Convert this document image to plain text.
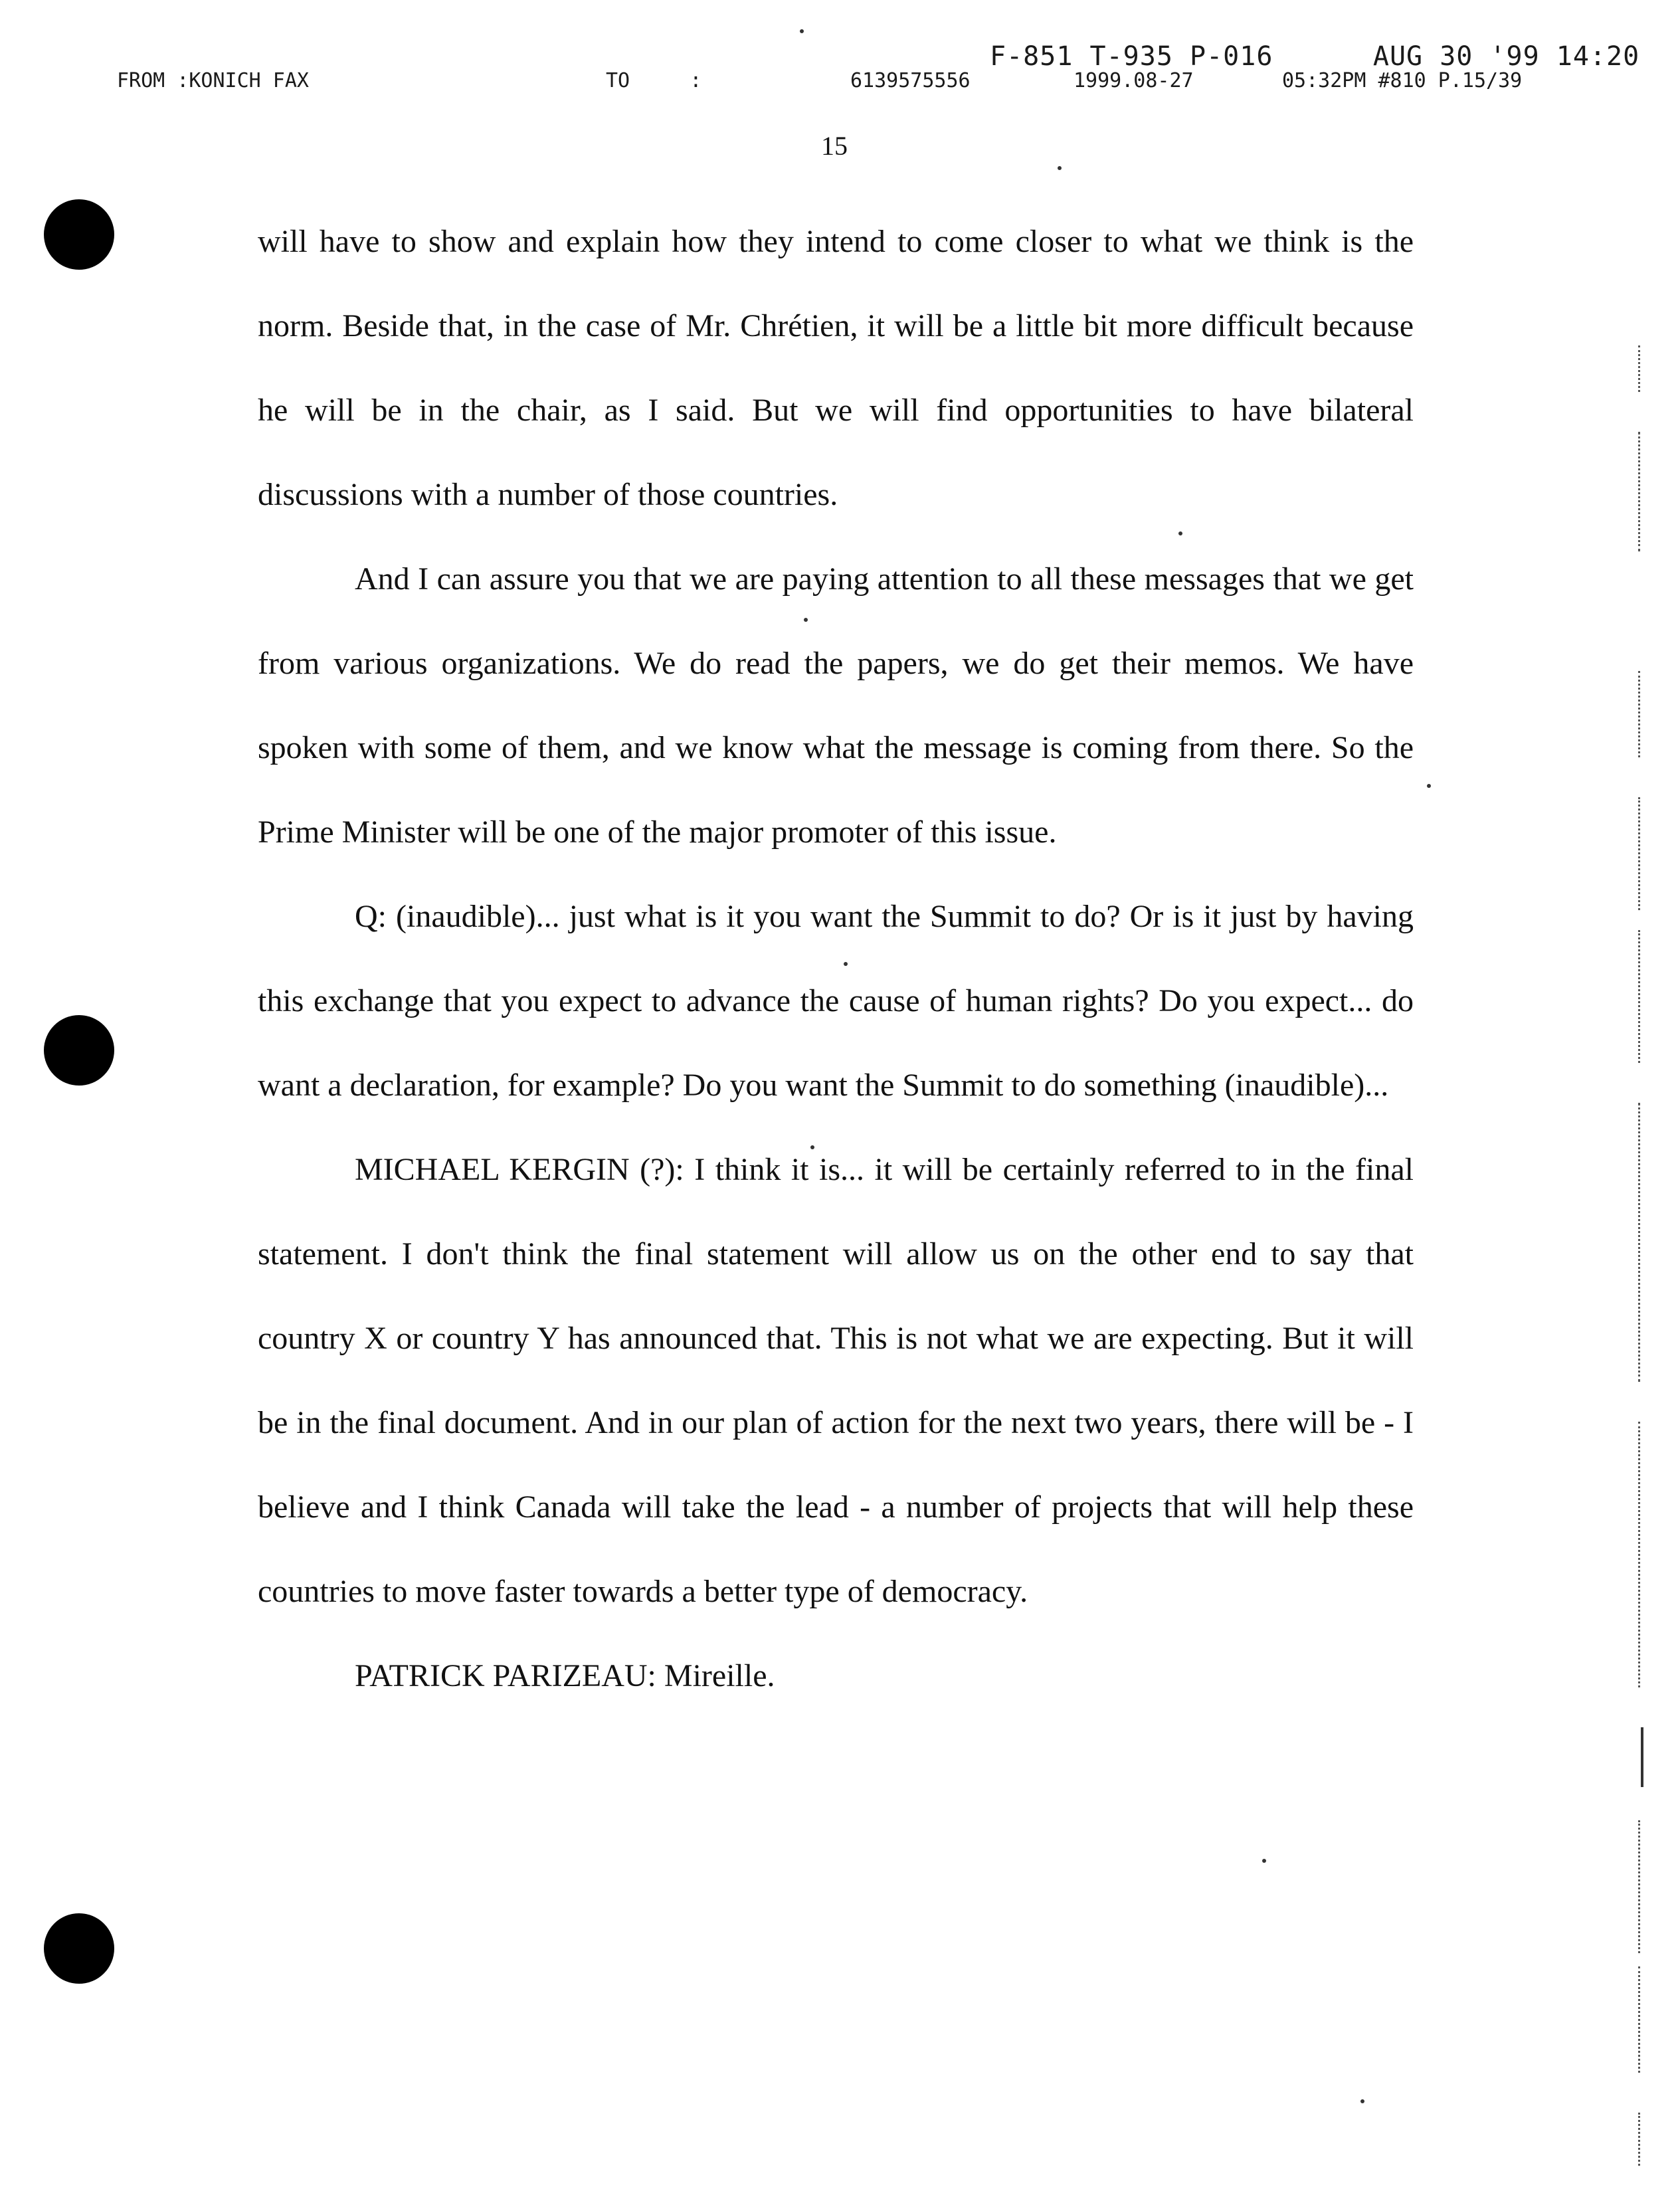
F-851 T-935 P-016      AUG 30 '99 14:20
FROM :KONICH FAX	TO     :	6139575556	1999.08-27	05:32PM #810 P.15/39
15

will have to show and explain how they intend to come closer to what we think is the norm. Beside that, in the case of Mr. Chrétien, it will be a little bit more difficult because he will be in the chair, as I said. But we will find opportunities to have bilateral discussions with a number of those countries.

And I can assure you that we are paying attention to all these messages that we get from various organizations. We do read the papers, we do get their memos. We have spoken with some of them, and we know what the message is coming from there. So the Prime Minister will be one of the major promoter of this issue.

Q: (inaudible)... just what is it you want the Summit to do? Or is it just by having this exchange that you expect to advance the cause of human rights? Do you expect... do want a declaration, for example? Do you want the Summit to do something (inaudible)...

MICHAEL KERGIN (?): I think it is... it will be certainly referred to in the final statement. I don't think the final statement will allow us on the other end to say that country X or country Y has announced that. This is not what we are expecting. But it will be in the final document. And in our plan of action for the next two years, there will be - I believe and I think Canada will take the lead - a number of projects that will help these countries to move faster towards a better type of democracy.

PATRICK PARIZEAU: Mireille.
